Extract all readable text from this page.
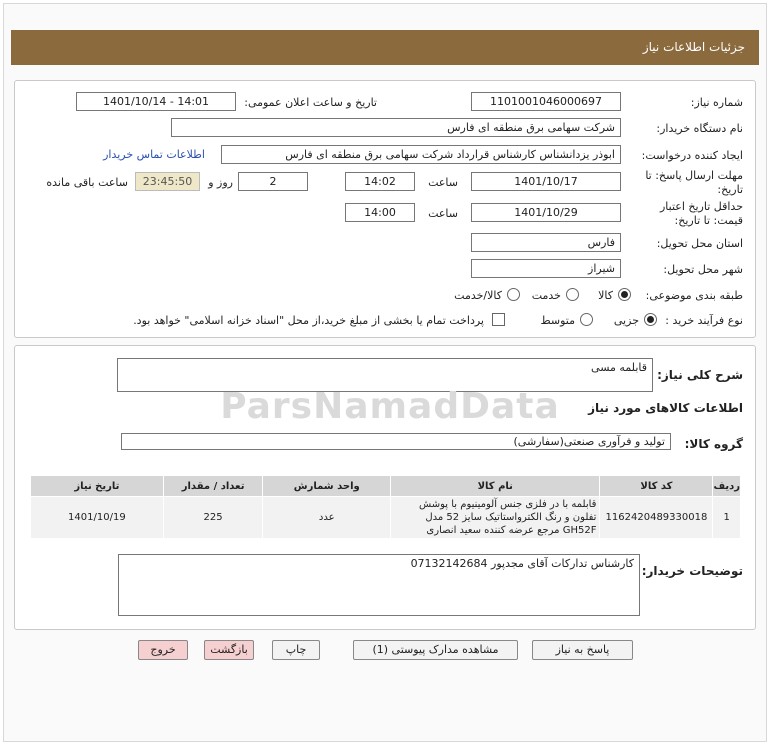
جزئیات اطلاعات نیاز
شماره نیاز:
1101001046000697
تاریخ و ساعت اعلان عمومی:
1401/10/14 - 14:01
نام دستگاه خریدار:
شرکت سهامی برق منطقه ای فارس
ایجاد کننده درخواست:
ابوذر یزدانشناس کارشناس قرارداد شرکت سهامی برق منطقه ای فارس
اطلاعات تماس خریدار
مهلت ارسال پاسخ: تا
تاریخ:
1401/10/17
ساعت
14:02
2
روز و
23:45:50
ساعت باقی مانده
حداقل تاریخ اعتبار
قیمت: تا تاریخ:
1401/10/29
ساعت
14:00
استان محل تحویل:
فارس
شهر محل تحویل:
شیراز
طبقه بندی موضوعی:
کالا
خدمت
کالا/خدمت
نوع فرآیند خرید :
جزیی
متوسط
پرداخت تمام یا بخشی از مبلغ خرید،از محل "اسناد خزانه اسلامی" خواهد بود.
شرح کلی نیاز:
قابلمه مسی
اطلاعات کالاهای مورد نیاز
گروه کالا:
تولید و فرآوری صنعتی(سفارشی)
ردیف	کد کالا	نام کالا	واحد شمارش	تعداد / مقدار	تاریخ نیاز
1	1162420489330018	قابلمه با در فلزی جنس آلومینیوم با پوشش تفلون و رنگ الکترواستاتیک سایز 52 مدل GH52F مرجع عرضه کننده سعید انصاری	عدد	225	1401/10/19
توضیحات خریدار:
کارشناس تدارکات آقای مجدپور 07132142684
ParsNamadData
پاسخ به نیاز
مشاهده مدارک پیوستی (1)
چاپ
بازگشت
خروج
